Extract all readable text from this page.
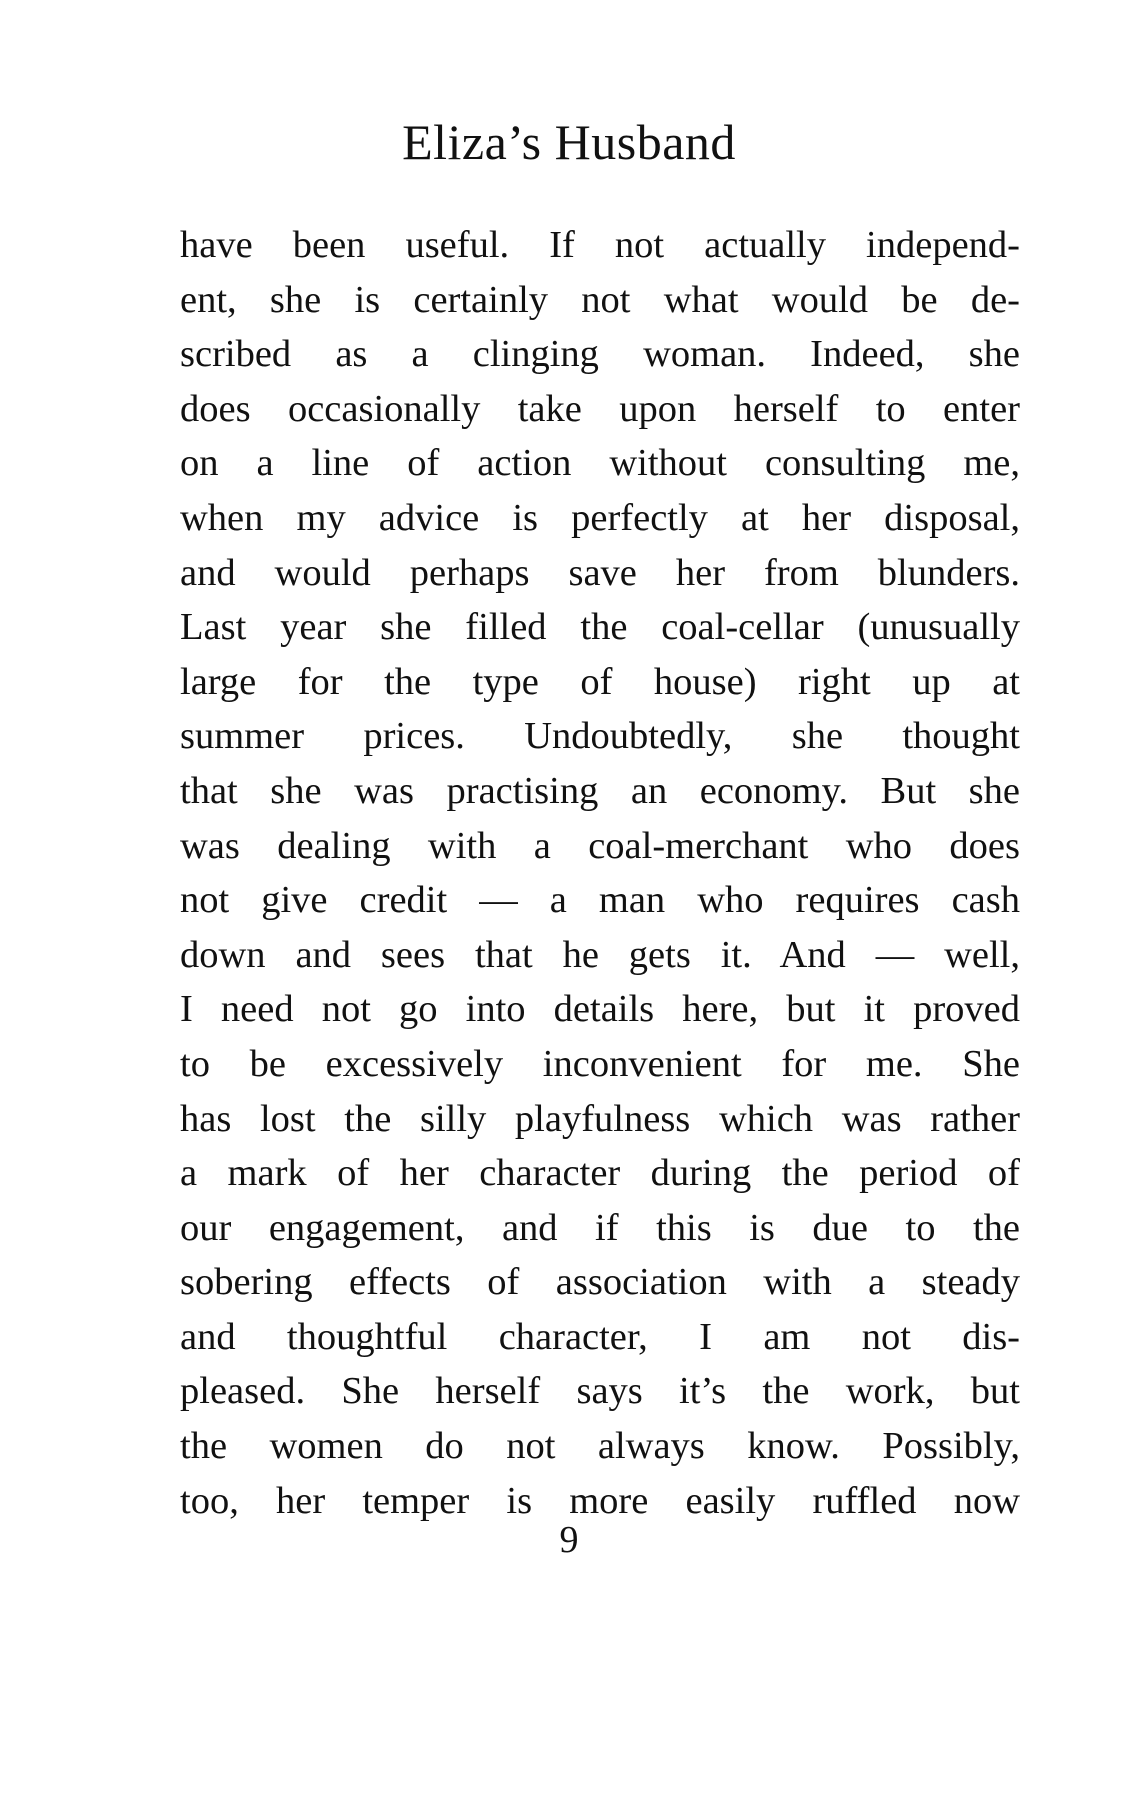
Eliza’s Husband
have been useful. If not actually independ-
ent, she is certainly not what would be de-
scribed as a clinging woman. Indeed, she
does occasionally take upon herself to enter
on a line of action without consulting me,
when my advice is perfectly at her disposal,
and would perhaps save her from blunders.
Last year she filled the coal-cellar (unusually
large for the type of house) right up at
summer prices. Undoubtedly, she thought
that she was practising an economy. But she
was dealing with a coal-merchant who does
not give credit — a man who requires cash
down and sees that he gets it. And — well,
I need not go into details here, but it proved
to be excessively inconvenient for me. She
has lost the silly playfulness which was rather
a mark of her character during the period of
our engagement, and if this is due to the
sobering effects of association with a steady
and thoughtful character, I am not dis-
pleased. She herself says it’s the work, but
the women do not always know. Possibly,
too, her temper is more easily ruffled now
9
